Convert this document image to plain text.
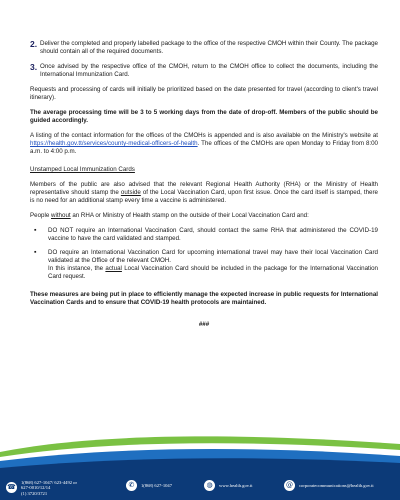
2. Deliver the completed and properly labelled package to the office of the respective CMOH within their County. The package should contain all of the required documents.
3. Once advised by the respective office of the CMOH, return to the CMOH office to collect the documents, including the International Immunization Card.

Requests and processing of cards will initially be prioritized based on the date presented for travel (according to client's travel itinerary).

The average processing time will be 3 to 5 working days from the date of drop-off. Members of the public should be guided accordingly.

A listing of the contact information for the offices of the CMOHs is appended and is also available on the Ministry's website at https://health.gov.tt/services/county-medical-officers-of-health. The offices of the CMOHs are open Monday to Friday from 8:00 a.m. to 4:00 p.m.

Unstamped Local Immunization Cards

Members of the public are also advised that the relevant Regional Health Authority (RHA) or the Ministry of Health representative should stamp the outside of the Local Vaccination Card, upon first issue. Once the card itself is stamped, there is no need for an additional stamp every time a vaccine is administered.

People without an RHA or Ministry of Health stamp on the outside of their Local Vaccination Card and:

▪	DO NOT require an International Vaccination Card, should contact the same RHA that administered the COVID-19 vaccine to have the card validated and stamped.
▪	DO require an International Vaccination Card for upcoming international travel may have their local Vaccination Card validated at the Office of the relevant CMOH.
In this instance, the actual Local Vaccination Card should be included in the package for the International Vaccination Card request.

These measures are being put in place to efficiently manage the expected increase in public requests for International Vaccination Cards and to ensure that COVID-19 health protocols are maintained.

###
☎
1(868) 627-1047/ 623-4492 or
627-0010/12/14
(1) 3720/3721
✆	1(868) 627-1047	◍	www.health.gov.tt	@	corporatecommunications@health.gov.tt
